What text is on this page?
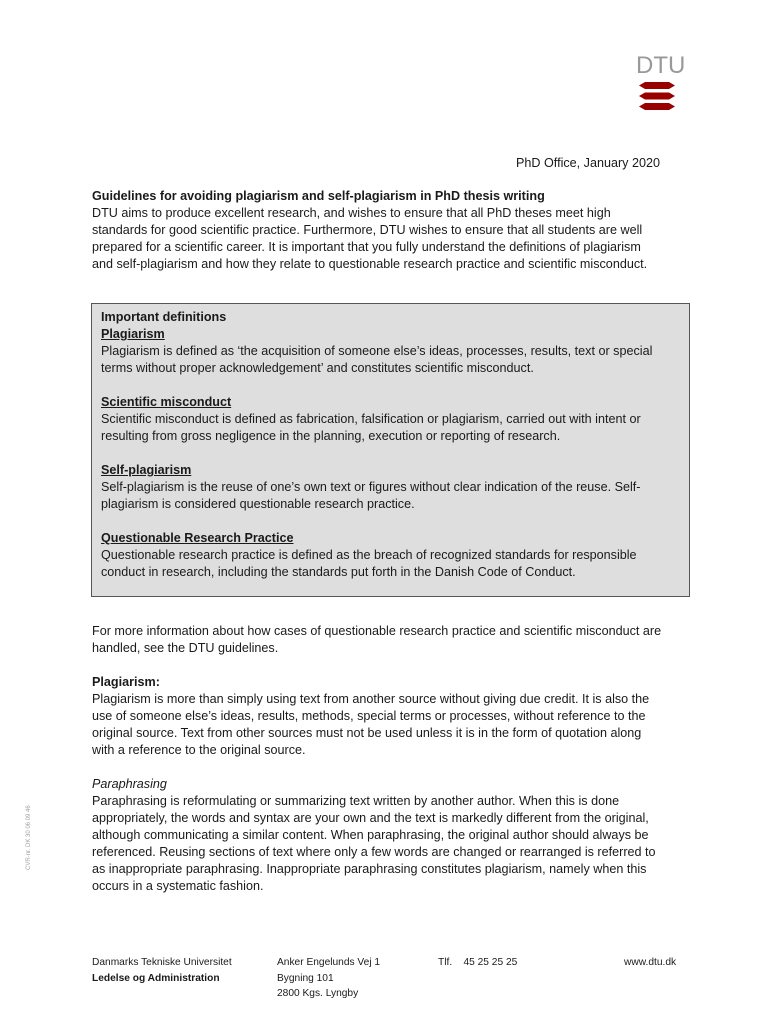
DTU
PhD Office, January 2020

Guidelines for avoiding plagiarism and self-plagiarism in PhD thesis writing

DTU aims to produce excellent research, and wishes to ensure that all PhD theses meet high

standards for good scientific practice. Furthermore, DTU wishes to ensure that all students are well

prepared for a scientific career. It is important that you fully understand the definitions of plagiarism

and self-plagiarism and how they relate to questionable research practice and scientific misconduct.

Important definitions

Plagiarism

Plagiarism is defined as ‘the acquisition of someone else’s ideas, processes, results, text or special

terms without proper acknowledgement’ and constitutes scientific misconduct.

Scientific misconduct

Scientific misconduct is defined as fabrication, falsification or plagiarism, carried out with intent or

resulting from gross negligence in the planning, execution or reporting of research.

Self-plagiarism

Self-plagiarism is the reuse of one’s own text or figures without clear indication of the reuse. Self-

plagiarism is considered questionable research practice.

Questionable Research Practice

Questionable research practice is defined as the breach of recognized standards for responsible

conduct in research, including the standards put forth in the Danish Code of Conduct.

For more information about how cases of questionable research practice and scientific misconduct are

handled, see the DTU guidelines.

Plagiarism:

Plagiarism is more than simply using text from another source without giving due credit. It is also the

use of someone else’s ideas, results, methods, special terms or processes, without reference to the

original source. Text from other sources must not be used unless it is in the form of quotation along

with a reference to the original source.

Paraphrasing

Paraphrasing is reformulating or summarizing text written by another author. When this is done

appropriately, the words and syntax are your own and the text is markedly different from the original,

although communicating a similar content. When paraphrasing, the original author should always be

referenced. Reusing sections of text where only a few words are changed or rearranged is referred to

as inappropriate paraphrasing. Inappropriate paraphrasing constitutes plagiarism, namely when this

occurs in a systematic fashion.

CVR-nr. DK 30 06 09 46

Danmarks Tekniske Universitet

Ledelse og Administration

Anker Engelunds Vej 1

Bygning 101

2800 Kgs. Lyngby

Tlf. 45 25 25 25	www.dtu.dk
